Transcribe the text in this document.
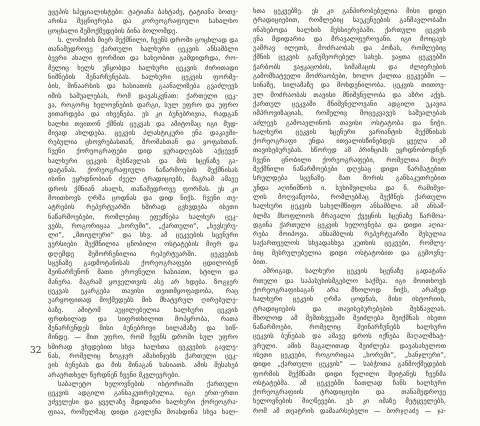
ეცეპის სპეციალისტები: ტატიანა ბახტაძე, ტატიანა ბოთვ-
არისა მეცნიერება და კორეოგრაფიული სახალხო
ცოცხალი შემოქმედების ბინა ბოლომდე.
ს. ლომიძის მიერ შექმნილი, ჩვენს დროში ცოცხლად და
თანამედროვე ქართული ხალხური ცეკვის ანსამბლი
ბევრი ახალი ფორმით და სახეობით გამდიდრდა, რო-
მელიც ხელს უწყობდა ხალხური ცეკვის ძირითადი
ნიშნების შენარჩუნებას. ხალხური ცეკვის ფორმე-
ბის, შინაარსის და ხასიათის გაანალიზება გვაძლევს
იმის საშუალებას, რომ დავასკვნათ: ქართული ცეკ-
ვა, როგორც ხელოვნების დარგი, სულ უფრო და უფრო
ვითარდება და იხვეწება. ეს კი ბუნებრივია, რადგან
ხალხი თვითონ ქმნის ცეკვას და ამიტომაც იგი მუდ-
მივად ახლდება. ცეკვის პლასტიკური ენა დაკავში-
რებულია ცხოვრებასთან, შრომასთან და ყოფასთან.
ჩვენი ქორეოგრაფები დიდ ყურადღებას აქცევენ
ხალხური ცეკვის შესწავლას და მის სცენაზე გა-
დატანას. ქორეოგრაფიული ნაწარმოების შექმნისას
ისინი ეყრდნობიან ძველ ტრადიციებს, მაგრამ ამავე
დროს ქმნიან ახალს, თანამედროვე ფორმას. ეს კი
მოითხოვს ღრმა ცოდნას და დიდ ნიჭს. ჩვენი თე-
ატრების რეპერტუარში ხშირად გვხვდება ისეთი
ნაწარმოებები, რომლებიც ეფუძნება ხალხურ ცეკ-
ვებს, როგორიცაა „ხორუმი“, „ქართული“, „ხევსურუ-
ლი“, „მთიულური“ და სხვ. ამ ცეკვების სცენური
ვერსიები შექმნილია ცნობილი ოსტატების მიერ და
დღემდე შემორჩენილია რეპერტუარში. ცეკვების
სცენაზე გადმოტანისას ქორეოგრაფები ცდილობენ
შეინარჩუნონ მათი ეროვნული ხასიათი, სტილი და
მანერა. მაგრამ ყოველთვის ასე არ ხდება. ზოგჯერ
ცეკვას ეკარგება თავისი თვითმყოფადობა, რაც
უარყოფითად მოქმედებს მის მხატვრულ ღირებულე-
ბაზე. ამიტომ აუცილებელია ხალხური ცეკვის
ფრთხილად და სიფრთხილით მოპყრობა, რათა
შენარჩუნდეს მისი ბუნებრივი სილამაზე და სიწ-
მინდე. — მით უფრო, რომ ჩვენს დროში სულ უფრო
ხშირად ვხვდებით სხვა ხალხთა ცეკვების გავლე-
ნას, რომელიც ზოგჯერ ამახინჯებს ქართული ცეკ-
ვის ბუნებას და მის შინაგან ხასიათს. ამის შესახებ
არაერთხელ წერდნენ ჩვენი მკვლევრები.
საბალეტო ხელოვნების ისტორიაში ქართული
ცეკვის ადგილი განსაკუთრებულია. იგი ერთ-ერთი
უძველესი და ყველაზე მდიდარი ხალხური ქორეოგრა-
ფიაა, რომელმაც დიდი გავლენა მოახდინა სხვა ხალ-
ხთა ცეკვებზე. ეს კი განპირობებულია მისი დიდი
ტრადიციებით, რომლებიც საუკუნეების განმავლობაში
ინახებოდა ხალხის მეხსიერებაში. ქართული ცეკვის
ენა მდიდარია და მრავალფეროვანი. იგი მოიცავს
უამრავ ილეთს, მოძრაობას და პოზას, რომლებიც
ქმნის ცეკვის განუმეორებელ სახეს. ვაჟთა ცეკვებში
ჭარბობს ვაჟკაცობის, სიმამაცის და ძლიერების
გამომხატველი მოძრაობები, ხოლო ქალთა ცეკვებში —
სინაზე, სილამაზე და მოხდენილობა. ცეკვის თითოე-
ულ მოძრაობას თავისი მნიშვნელობა და აზრი აქვს.
ქართულ ცეკვაში მნიშვნელოვანი ადგილი უკავია
იმპროვიზაციას, რომელიც მოცეკვავეს საშუალებას
აძლევს გამოავლინოს თავისი ოსტატობა და ნიჭი.
ხალხური ცეკვის სცენური ვარიანტის შექმნისას
ქორეოგრაფი უნდა ითვალისწინებდეს ყველა ამ
თავისებურებას. სწორედ ამ პრინციპს ეყრდნობოდნენ
ჩვენი ცნობილი ქორეოგრაფები, რომელთა მიერ
შექმნილი ნაწარმოებები დღესაც დიდი წარმატებით
სრულდება სცენაზე. მათ შორის განსაკუთრებით
უნდა აღინიშნოს ი. სუხიშვილისა და ნ. რამიშვი-
ლის მოღვაწეობა, რომლებმაც შექმნეს ქართული
ხალხური ცეკვის სახელმწიფო ანსამბლი. ამ ანსამ-
ბლმა მსოფლიოს მრავალი ქვეყნის სცენაზე წარმოა-
დგინა ქართული ცეკვის ხელოვნება და დიდი აღია-
რება მოიპოვა. ანსამბლის რეპერტუარში შესულია
საქართველოს სხვადასხვა კუთხის ცეკვები, რომლე-
ბიც შესრულებულია დიდი ოსტატობით და გემოვნე-
ბით.
ამრიგად, ხალხური ცეკვის სცენაზე გადატანა
რთული და საპასუხისმგებლო საქმეა. იგი მოითხოვს
ქორეოგრაფისაგან არა მხოლოდ ნიჭს, არამედ
ხალხური ცეკვის ღრმა ცოდნას, მისი ისტორიის,
ტრადიციების და თავისებურებების შესწავლას.
მხოლოდ ამ შემთხვევაში შეიძლება შეიქმნას ისეთი
ნაწარმოები, რომელიც შეინარჩუნებს ხალხური
ცეკვის ბუნებას და ამავე დროს იქნება მაღალმხატ-
ვრული. ამის მაგალითად შეიძლება დავასახელოთ
ისეთი ცეკვები, როგორიცაა „ხორუმი“, „ხანჯლური“,
დიდი „ქართული ცეკვის“ — საბჭოთა განმოქმედების
ფორმის შექმნაში დიდი წვლილი შეიტანეს ჩვენმა
ოსტატებმა. ამ ცეკვებში ნათლად ჩანს ხალხური
ქორეოგრაფიის ტრადიციები და თანამედროვე
ხელოვნების მიღწევები. ეს კი იმაზე მეტყველებს,
რომ ამ თეატრის დამაარსებელი — ბორჯღაძე — ჯა-
32
